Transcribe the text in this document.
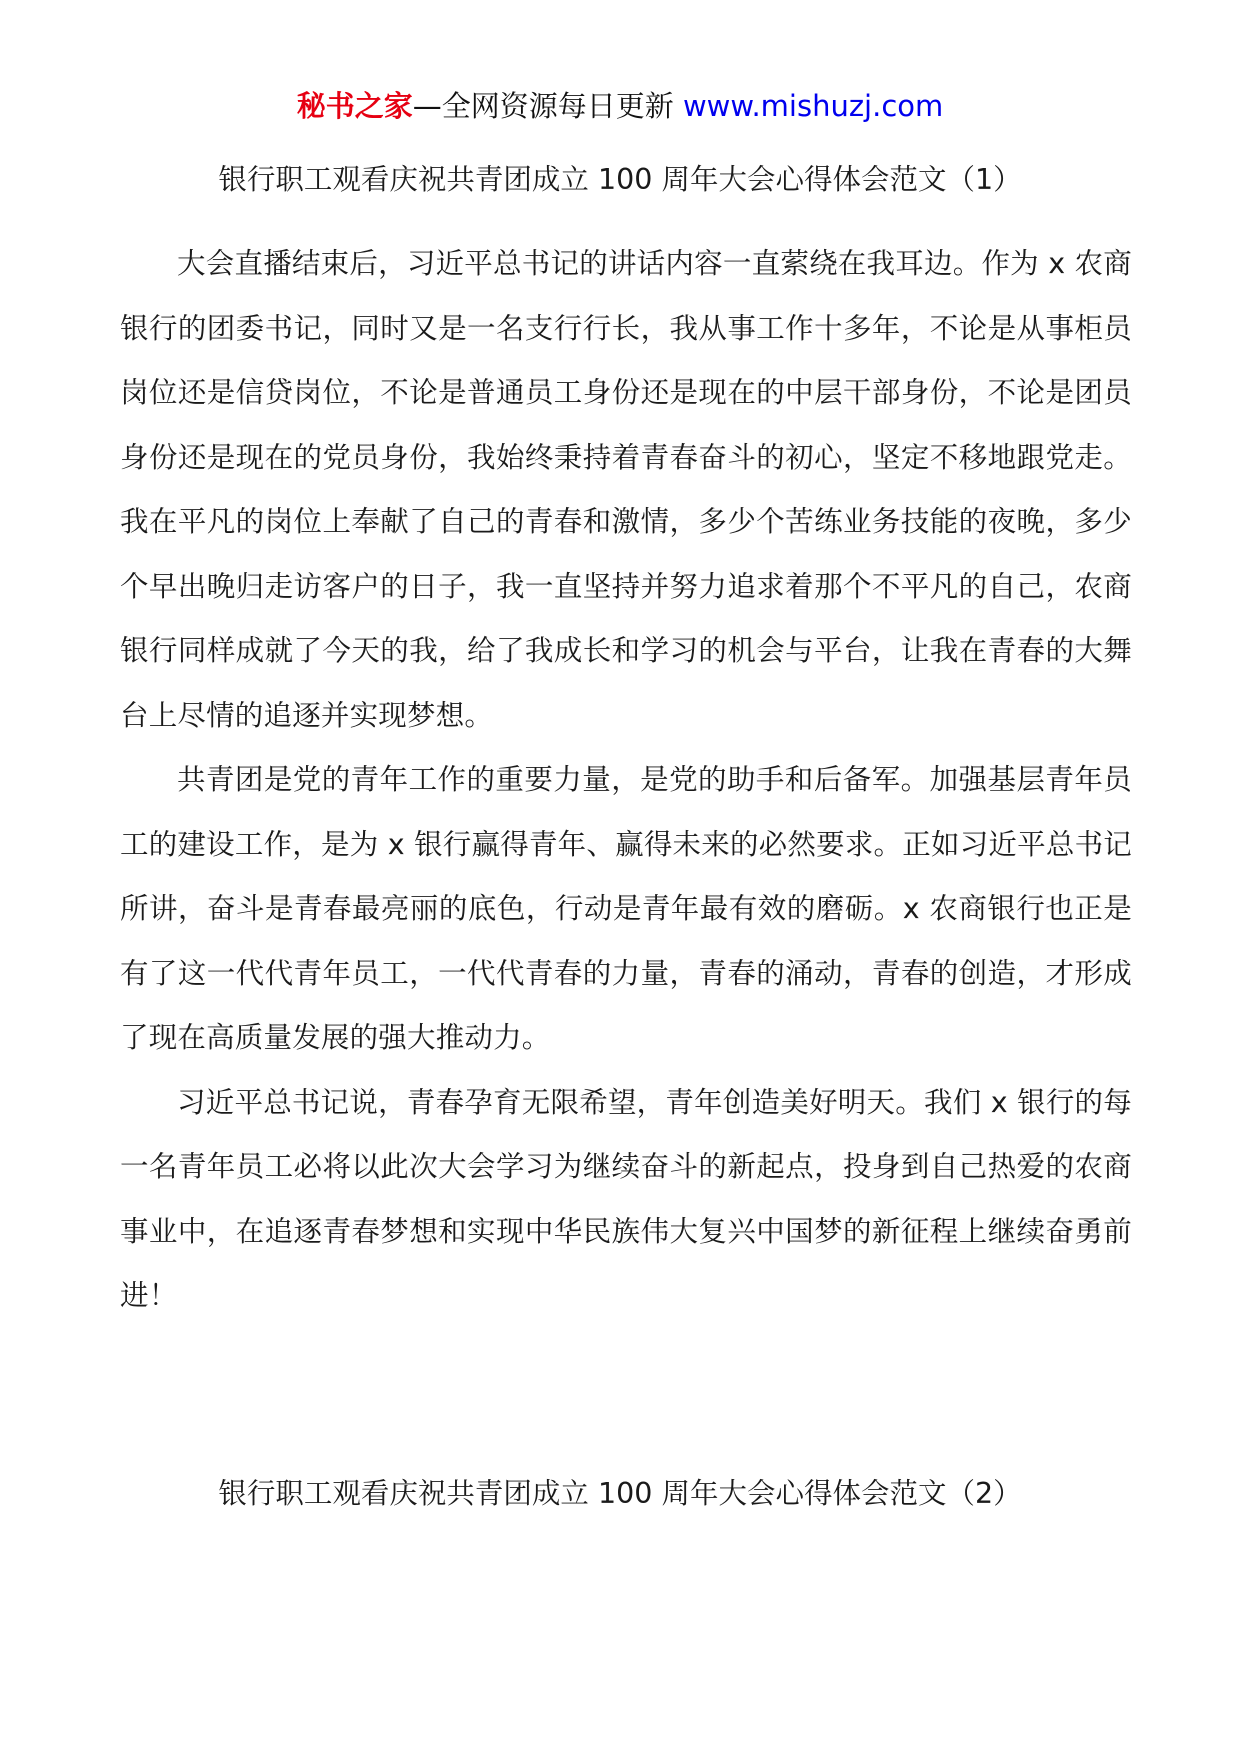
秘书之家—全网资源每日更新 www.mishuzj.com
银行职工观看庆祝共青团成立 100 周年大会心得体会范文（1）

大会直播结束后，习近平总书记的讲话内容一直萦绕在我耳边。作为 x 农商银行的团委书记，同时又是一名支行行长，我从事工作十多年，不论是从事柜员岗位还是信贷岗位，不论是普通员工身份还是现在的中层干部身份，不论是团员身份还是现在的党员身份，我始终秉持着青春奋斗的初心，坚定不移地跟党走。我在平凡的岗位上奉献了自己的青春和激情，多少个苦练业务技能的夜晚，多少个早出晚归走访客户的日子，我一直坚持并努力追求着那个不平凡的自己，农商银行同样成就了今天的我，给了我成长和学习的机会与平台，让我在青春的大舞台上尽情的追逐并实现梦想。

共青团是党的青年工作的重要力量，是党的助手和后备军。加强基层青年员工的建设工作，是为 x 银行赢得青年、赢得未来的必然要求。正如习近平总书记所讲，奋斗是青春最亮丽的底色，行动是青年最有效的磨砺。x 农商银行也正是有了这一代代青年员工，一代代青春的力量，青春的涌动，青春的创造，才形成了现在高质量发展的强大推动力。

习近平总书记说，青春孕育无限希望，青年创造美好明天。我们 x 银行的每一名青年员工必将以此次大会学习为继续奋斗的新起点，投身到自己热爱的农商事业中，在追逐青春梦想和实现中华民族伟大复兴中国梦的新征程上继续奋勇前进！

银行职工观看庆祝共青团成立 100 周年大会心得体会范文（2）
